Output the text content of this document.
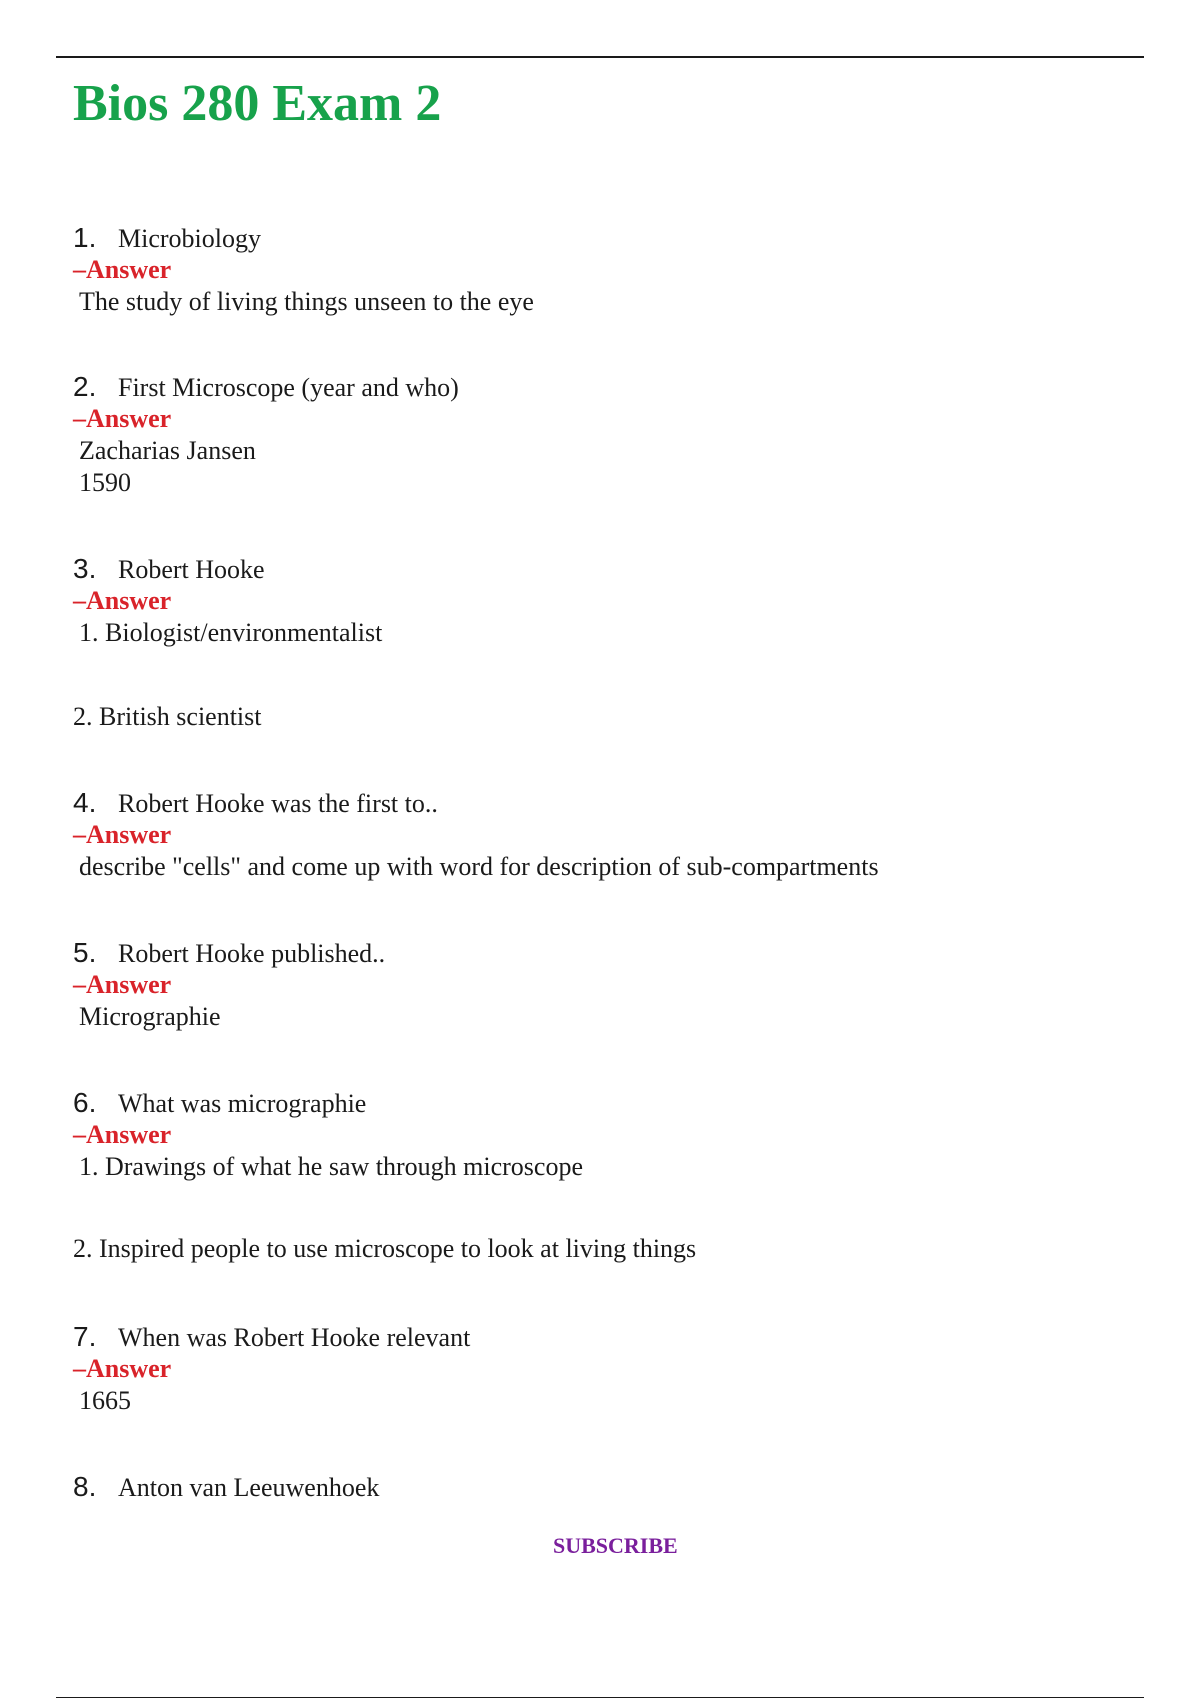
Bios 280 Exam 2
1. Microbiology
–Answer
The study of living things unseen to the eye
2. First Microscope (year and who)
–Answer
Zacharias Jansen
1590
3. Robert Hooke
–Answer
1. Biologist/environmentalist
2. British scientist
4. Robert Hooke was the first to..
–Answer
describe "cells" and come up with word for description of sub-compartments
5. Robert Hooke published..
–Answer
Micrographie
6. What was micrographie
–Answer
1. Drawings of what he saw through microscope
2. Inspired people to use microscope to look at living things
7. When was Robert Hooke relevant
–Answer
1665
8. Anton van Leeuwenhoek
SUBSCRIBE
